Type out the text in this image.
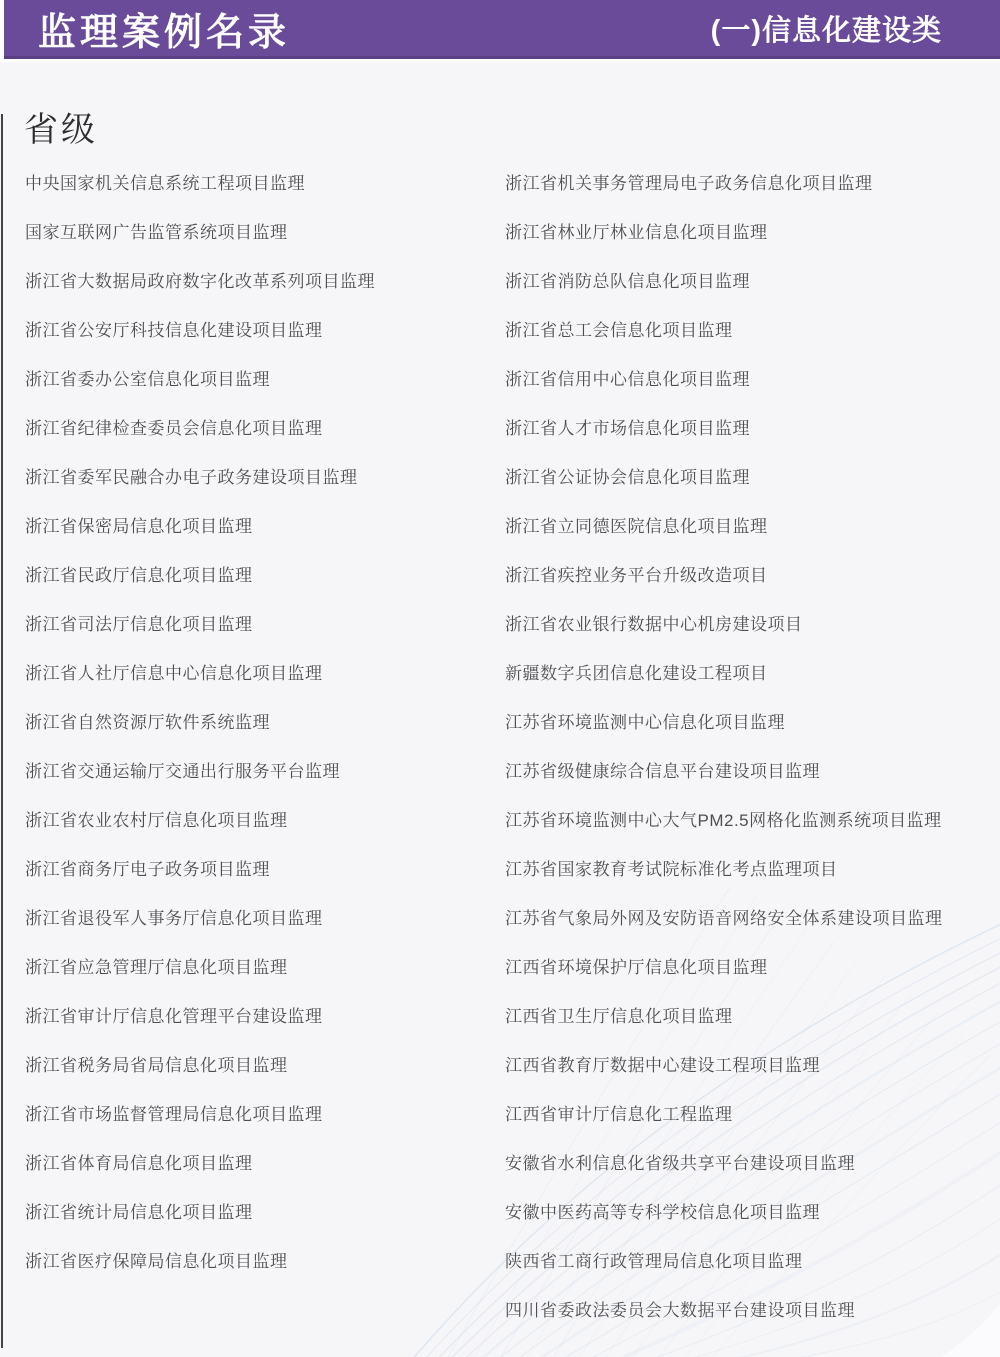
监理案例名录	(一)信息化建设类
省级
中央国家机关信息系统工程项目监理
国家互联网广告监管系统项目监理
浙江省大数据局政府数字化改革系列项目监理
浙江省公安厅科技信息化建设项目监理
浙江省委办公室信息化项目监理
浙江省纪律检查委员会信息化项目监理
浙江省委军民融合办电子政务建设项目监理
浙江省保密局信息化项目监理
浙江省民政厅信息化项目监理
浙江省司法厅信息化项目监理
浙江省人社厅信息中心信息化项目监理
浙江省自然资源厅软件系统监理
浙江省交通运输厅交通出行服务平台监理
浙江省农业农村厅信息化项目监理
浙江省商务厅电子政务项目监理
浙江省退役军人事务厅信息化项目监理
浙江省应急管理厅信息化项目监理
浙江省审计厅信息化管理平台建设监理
浙江省税务局省局信息化项目监理
浙江省市场监督管理局信息化项目监理
浙江省体育局信息化项目监理
浙江省统计局信息化项目监理
浙江省医疗保障局信息化项目监理
浙江省机关事务管理局电子政务信息化项目监理
浙江省林业厅林业信息化项目监理
浙江省消防总队信息化项目监理
浙江省总工会信息化项目监理
浙江省信用中心信息化项目监理
浙江省人才市场信息化项目监理
浙江省公证协会信息化项目监理
浙江省立同德医院信息化项目监理
浙江省疾控业务平台升级改造项目
浙江省农业银行数据中心机房建设项目
新疆数字兵团信息化建设工程项目
江苏省环境监测中心信息化项目监理
江苏省级健康综合信息平台建设项目监理
江苏省环境监测中心大气PM2.5网格化监测系统项目监理
江苏省国家教育考试院标准化考点监理项目
江苏省气象局外网及安防语音网络安全体系建设项目监理
江西省环境保护厅信息化项目监理
江西省卫生厅信息化项目监理
江西省教育厅数据中心建设工程项目监理
江西省审计厅信息化工程监理
安徽省水利信息化省级共享平台建设项目监理
安徽中医药高等专科学校信息化项目监理
陕西省工商行政管理局信息化项目监理
四川省委政法委员会大数据平台建设项目监理
